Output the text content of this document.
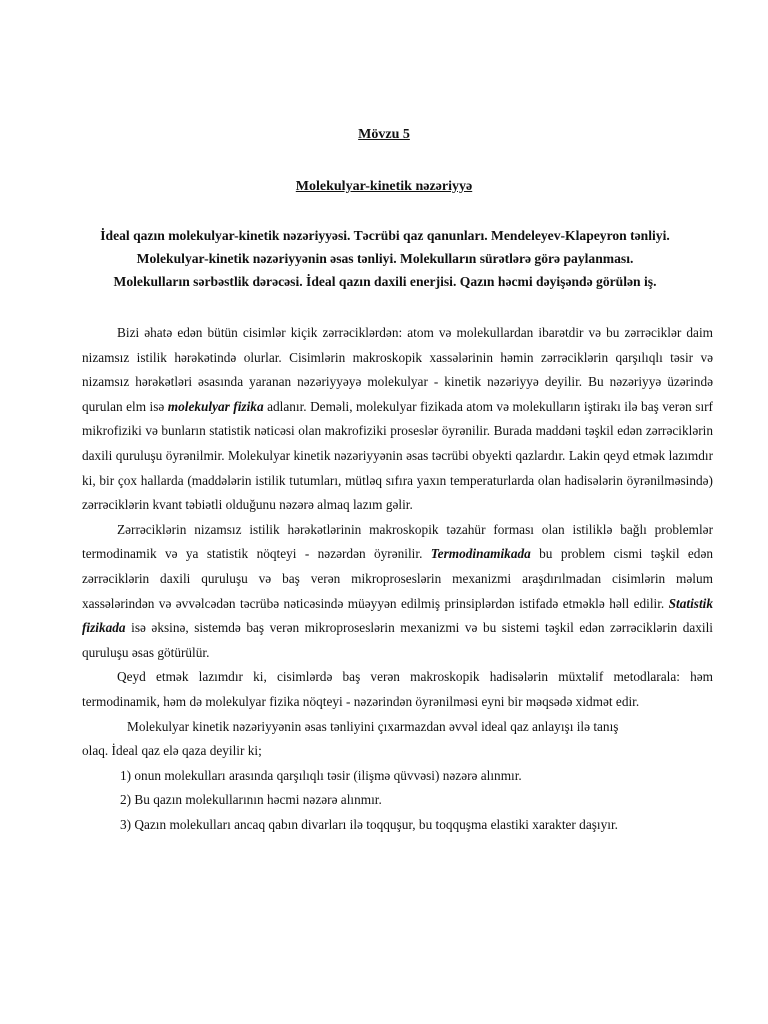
Mövzu 5
Molekulyar-kinetik nəzəriyyə
İdeal qazın molekulyar-kinetik nəzəriyyəsi. Təcrübi qaz qanunları. Mendeleyev-Klapeyron tənliyi.
Molekulyar-kinetik nəzəriyyənin əsas tənliyi. Molekulların sürətlərə görə paylanması.
Molekulların sərbəstlik dərəcəsi. İdeal qazın daxili enerjisi. Qazın həcmi dəyişəndə görülən iş.

Bizi əhatə edən bütün cisimlər kiçik zərrəciklərdən: atom və molekullardan ibarətdir və bu zərrəciklər daim nizamsız istilik hərəkətində olurlar. Cisimlərin makroskopik xassələrinin həmin zərrəciklərin qarşılıqlı təsir və nizamsız hərəkətləri əsasında yaranan nəzəriyyəyə molekulyar - kinetik nəzəriyyə deyilir. Bu nəzəriyyə üzərində qurulan elm isə molekulyar fizika adlanır. Deməli, molekulyar fizikada atom və molekulların iştirakı ilə baş verən sırf mikrofiziki və bunların statistik nəticəsi olan makrofiziki proseslər öyrənilir. Burada maddəni təşkil edən zərrəciklərin daxili quruluşu öyrənilmir. Molekulyar kinetik nəzəriyyənin əsas təcrübi obyekti qazlardır. Lakin qeyd etmək lazımdır ki, bir çox hallarda (maddələrin istilik tutumları, mütləq sıfıra yaxın temperaturlarda olan hadisələrin öyrənilməsində) zərrəciklərin kvant təbiətli olduğunu nəzərə almaq lazım gəlir.

Zərrəciklərin nizamsız istilik hərəkətlərinin makroskopik təzahür forması olan istiliklə bağlı problemlər termodinamik və ya statistik nöqteyi - nəzərdən öyrənilir. Termodinamikada bu problem cismi təşkil edən zərrəciklərin daxili quruluşu və baş verən mikroproseslərin mexanizmi araşdırılmadan cisimlərin məlum xassələrindən və əvvəlcədən təcrübə nəticəsində müəyyən edilmiş prinsiplərdən istifadə etməklə həll edilir. Statistik fizikada isə əksinə, sistemdə baş verən mikroproseslərin mexanizmi və bu sistemi təşkil edən zərrəciklərin daxili quruluşu əsas götürülür.

Qeyd etmək lazımdır ki, cisimlərdə baş verən makroskopik hadisələrin müxtəlif metodlarala: həm termodinamik, həm də molekulyar fizika nöqteyi - nəzərindən öyrənilməsi eyni bir məqsədə xidmət edir.

Molekulyar kinetik nəzəriyyənin əsas tənliyini çıxarmazdan əvvəl ideal qaz anlayışı ilə tanış

olaq. İdeal qaz elə qaza deyilir ki;

1) onun molekulları arasında qarşılıqlı təsir (ilişmə qüvvəsi) nəzərə alınmır.

2) Bu qazın molekullarının həcmi nəzərə alınmır.

3) Qazın molekulları ancaq qabın divarları ilə toqquşur, bu toqquşma elastiki xarakter daşıyır.
